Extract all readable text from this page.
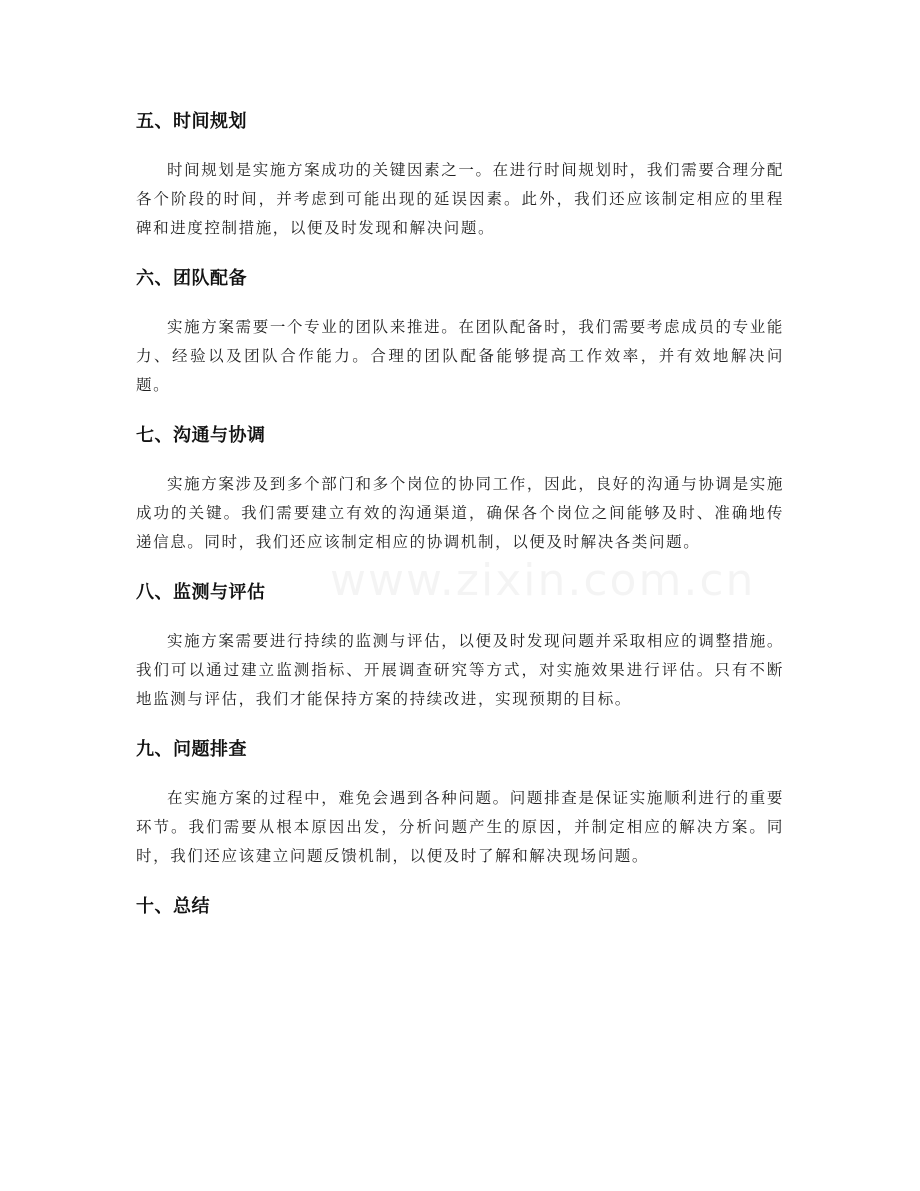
五、时间规划

时间规划是实施方案成功的关键因素之一。在进行时间规划时，我们需要合理分配各个阶段的时间，并考虑到可能出现的延误因素。此外，我们还应该制定相应的里程碑和进度控制措施，以便及时发现和解决问题。

六、团队配备

实施方案需要一个专业的团队来推进。在团队配备时，我们需要考虑成员的专业能力、经验以及团队合作能力。合理的团队配备能够提高工作效率，并有效地解决问题。

七、沟通与协调

实施方案涉及到多个部门和多个岗位的协同工作，因此，良好的沟通与协调是实施成功的关键。我们需要建立有效的沟通渠道，确保各个岗位之间能够及时、准确地传递信息。同时，我们还应该制定相应的协调机制，以便及时解决各类问题。

八、监测与评估

实施方案需要进行持续的监测与评估，以便及时发现问题并采取相应的调整措施。我们可以通过建立监测指标、开展调查研究等方式，对实施效果进行评估。只有不断地监测与评估，我们才能保持方案的持续改进，实现预期的目标。

九、问题排查

在实施方案的过程中，难免会遇到各种问题。问题排查是保证实施顺利进行的重要环节。我们需要从根本原因出发，分析问题产生的原因，并制定相应的解决方案。同时，我们还应该建立问题反馈机制，以便及时了解和解决现场问题。

十、总结
